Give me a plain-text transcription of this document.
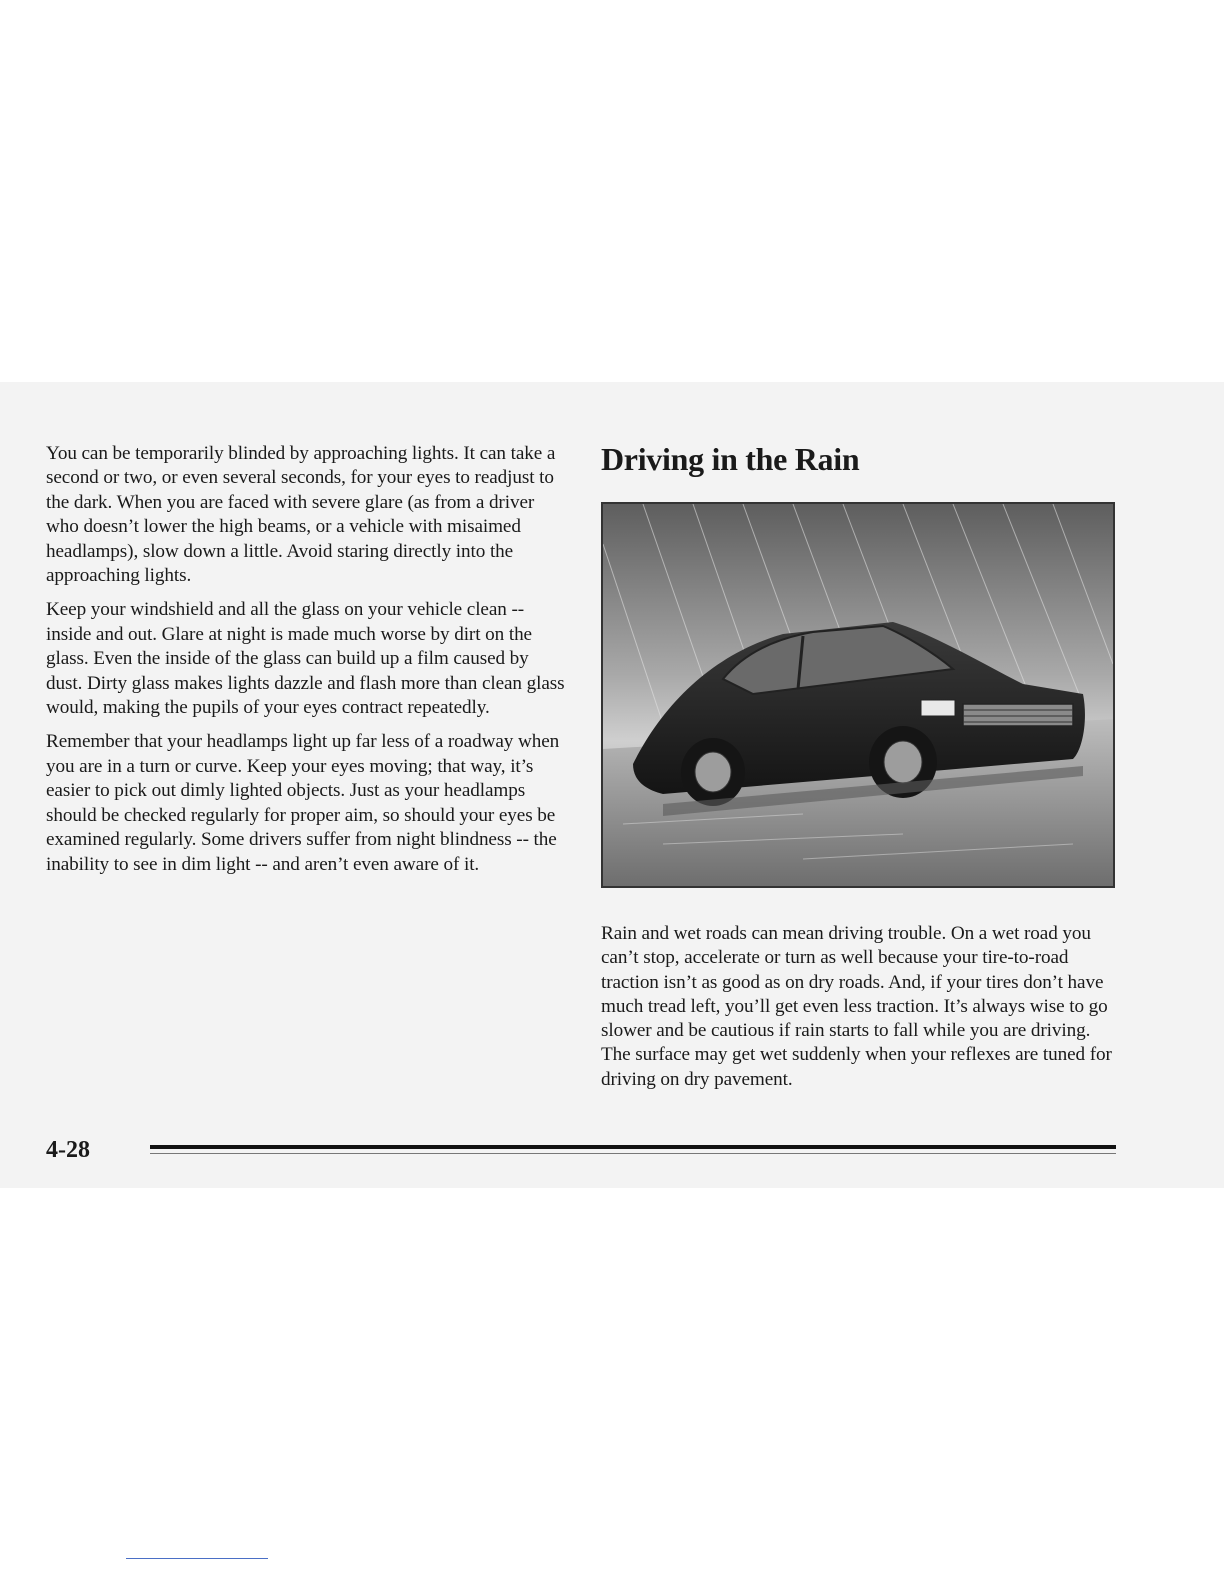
You can be temporarily blinded by approaching lights. It can take a second or two, or even several seconds, for your eyes to readjust to the dark. When you are faced with severe glare (as from a driver who doesn’t lower the high beams, or a vehicle with misaimed headlamps), slow down a little. Avoid staring directly into the approaching lights.

Keep your windshield and all the glass on your vehicle clean -- inside and out. Glare at night is made much worse by dirt on the glass. Even the inside of the glass can build up a film caused by dust. Dirty glass makes lights dazzle and flash more than clean glass would, making the pupils of your eyes contract repeatedly.

Remember that your headlamps light up far less of a roadway when you are in a turn or curve. Keep your eyes moving; that way, it’s easier to pick out dimly lighted objects. Just as your headlamps should be checked regularly for proper aim, so should your eyes be examined regularly. Some drivers suffer from night blindness -- the inability to see in dim light -- and aren’t even aware of it.

Driving in the Rain

Rain and wet roads can mean driving trouble. On a wet road you can’t stop, accelerate or turn as well because your tire-to-road traction isn’t as good as on dry roads. And, if your tires don’t have much tread left, you’ll get even less traction. It’s always wise to go slower and be cautious if rain starts to fall while you are driving. The surface may get wet suddenly when your reflexes are tuned for driving on dry pavement.

4-28
